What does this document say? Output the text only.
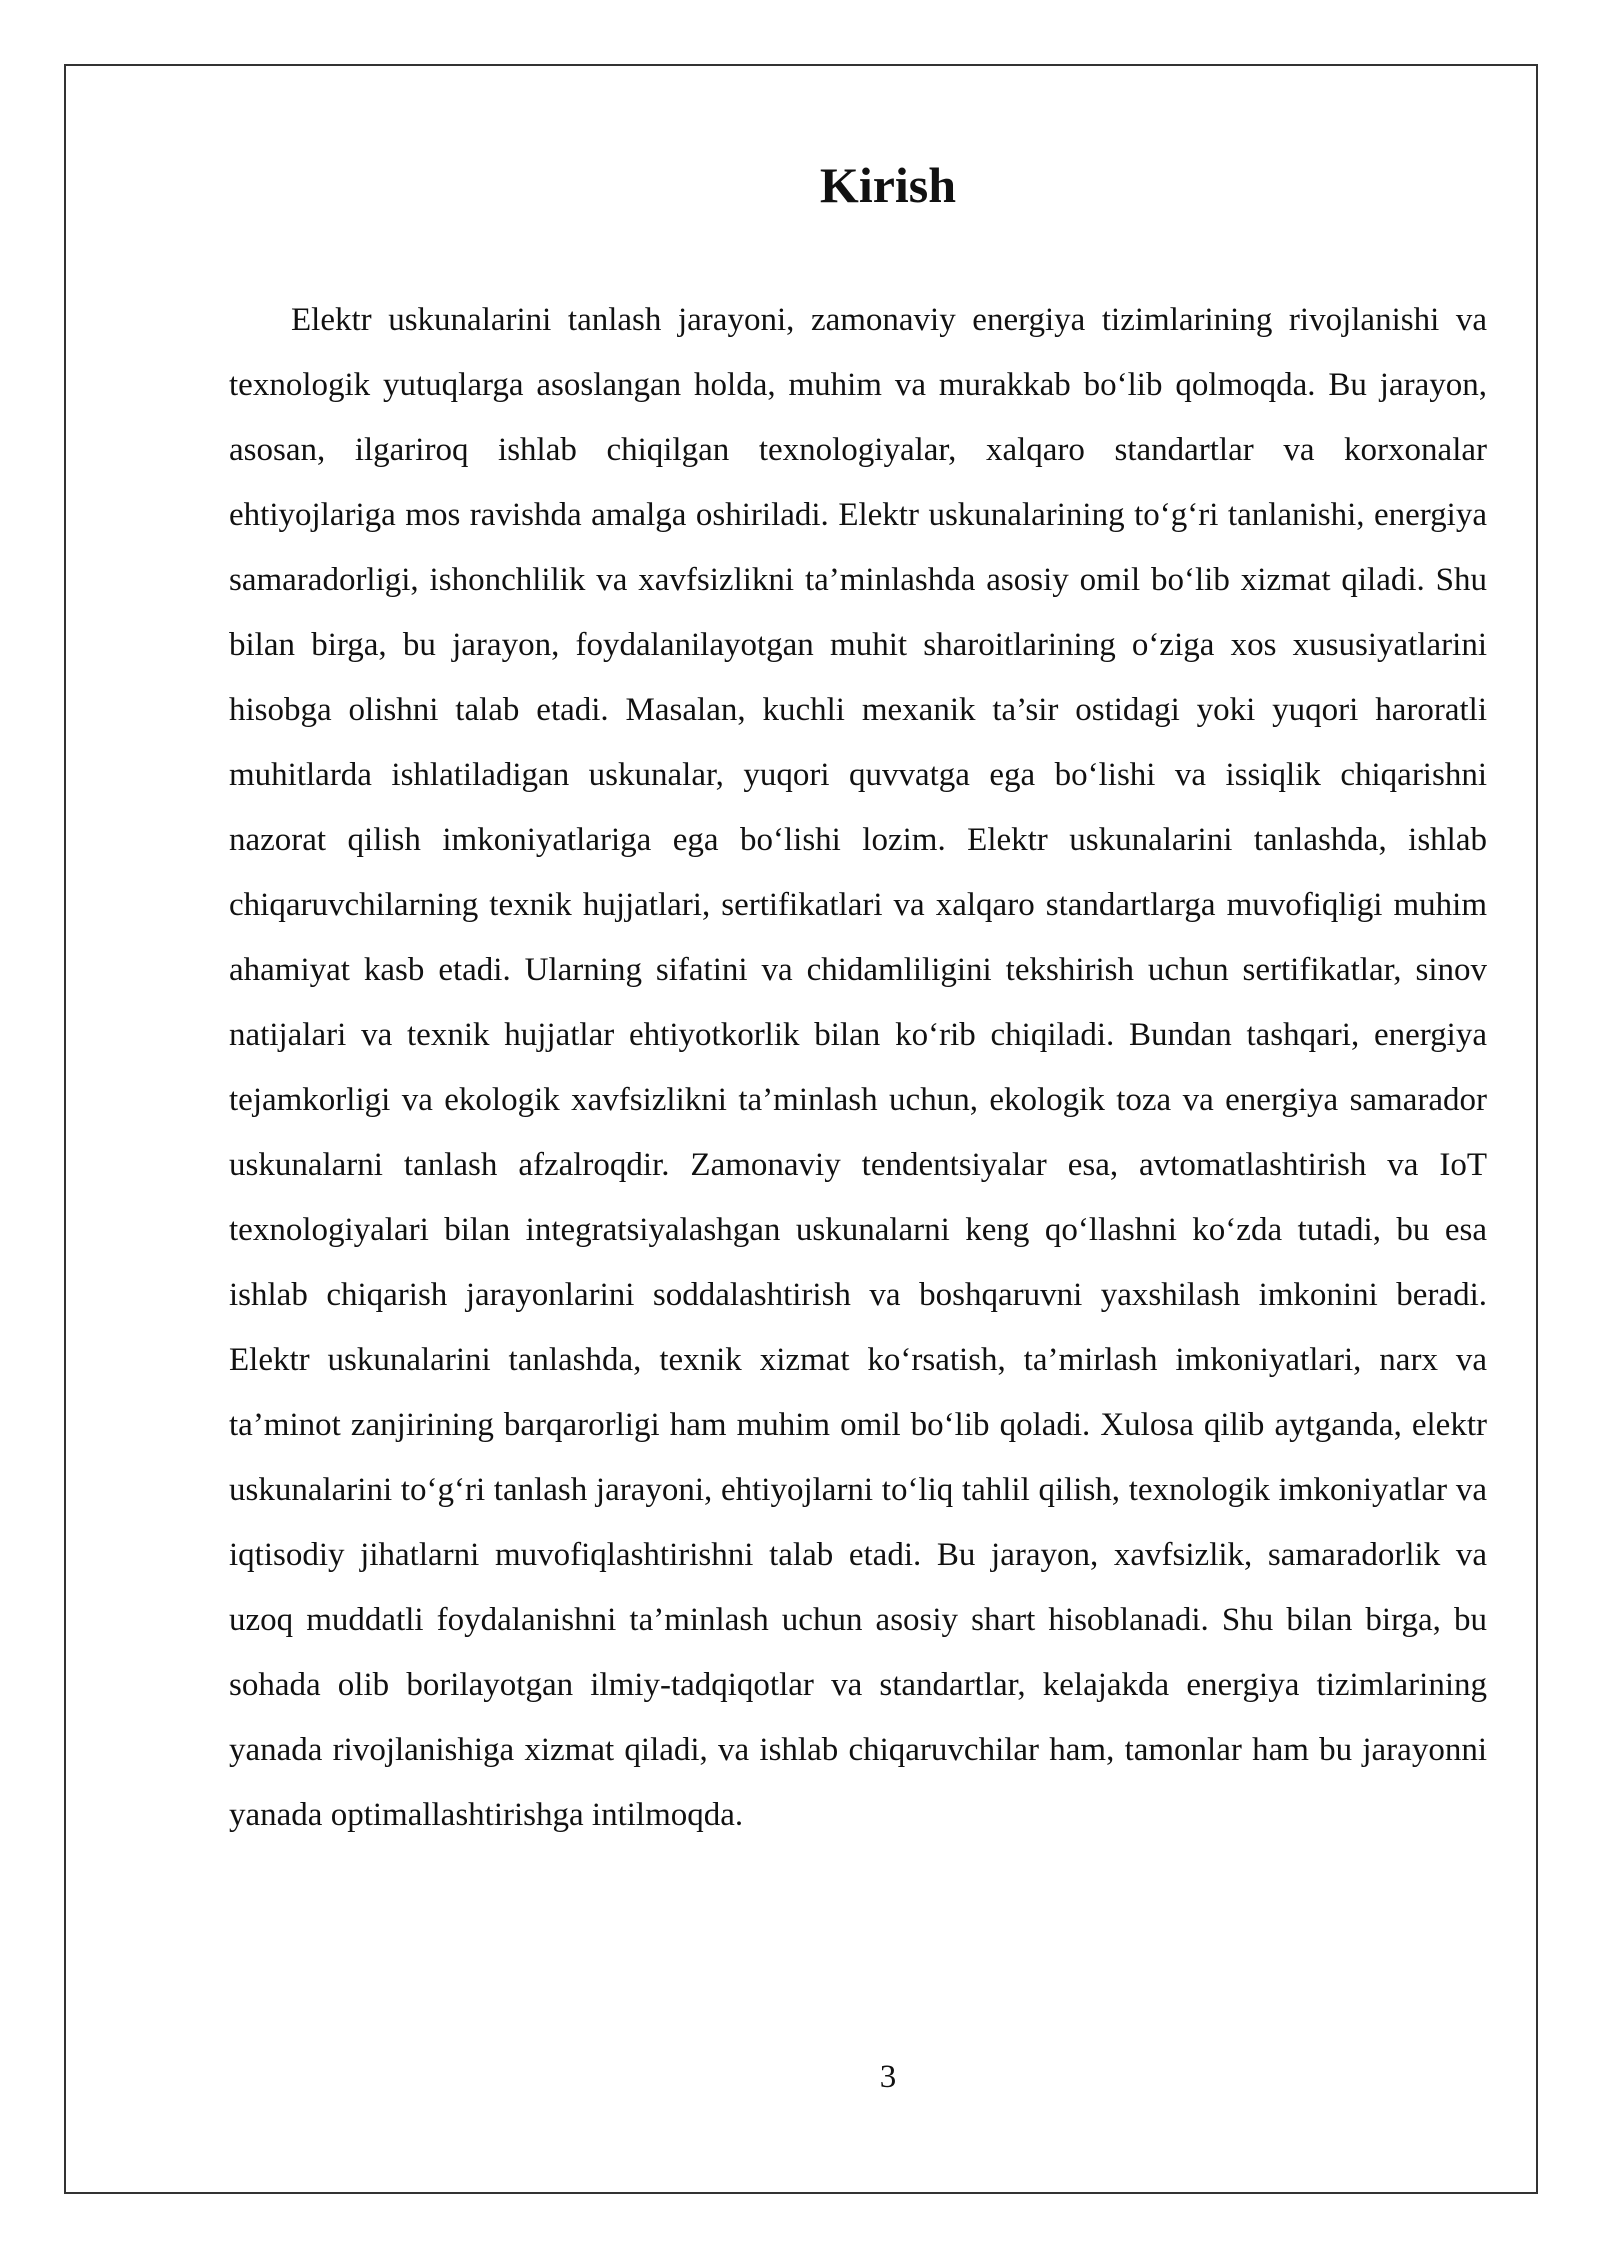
Kirish

Elektr uskunalarini tanlash jarayoni, zamonaviy energiya tizimlarining rivojlanishi va texnologik yutuqlarga asoslangan holda, muhim va murakkab bo‘lib qolmoqda. Bu jarayon, asosan, ilgariroq ishlab chiqilgan texnologiyalar, xalqaro standartlar va korxonalar ehtiyojlariga mos ravishda amalga oshiriladi. Elektr uskunalarining to‘g‘ri tanlanishi, energiya samaradorligi, ishonchlilik va xavfsizlikni ta’minlashda asosiy omil bo‘lib xizmat qiladi. Shu bilan birga, bu jarayon, foydalanilayotgan muhit sharoitlarining o‘ziga xos xususiyatlarini hisobga olishni talab etadi. Masalan, kuchli mexanik ta’sir ostidagi yoki yuqori haroratli muhitlarda ishlatiladigan uskunalar, yuqori quvvatga ega bo‘lishi va issiqlik chiqarishni nazorat qilish imkoniyatlariga ega bo‘lishi lozim. Elektr uskunalarini tanlashda, ishlab chiqaruvchilarning texnik hujjatlari, sertifikatlari va xalqaro standartlarga muvofiqligi muhim ahamiyat kasb etadi. Ularning sifatini va chidamliligini tekshirish uchun sertifikatlar, sinov natijalari va texnik hujjatlar ehtiyotkorlik bilan ko‘rib chiqiladi. Bundan tashqari, energiya tejamkorligi va ekologik xavfsizlikni ta’minlash uchun, ekologik toza va energiya samarador uskunalarni tanlash afzalroqdir. Zamonaviy tendentsiyalar esa, avtomatlashtirish va IoT texnologiyalari bilan integratsiyalashgan uskunalarni keng qo‘llashni ko‘zda tutadi, bu esa ishlab chiqarish jarayonlarini soddalashtirish va boshqaruvni yaxshilash imkonini beradi. Elektr uskunalarini tanlashda, texnik xizmat ko‘rsatish, ta’mirlash imkoniyatlari, narx va ta’minot zanjirining barqarorligi ham muhim omil bo‘lib qoladi. Xulosa qilib aytganda, elektr uskunalarini to‘g‘ri tanlash jarayoni, ehtiyojlarni to‘liq tahlil qilish, texnologik imkoniyatlar va iqtisodiy jihatlarni muvofiqlashtirishni talab etadi. Bu jarayon, xavfsizlik, samaradorlik va uzoq muddatli foydalanishni ta’minlash uchun asosiy shart hisoblanadi. Shu bilan birga, bu sohada olib borilayotgan ilmiy-tadqiqotlar va standartlar, kelajakda energiya tizimlarining yanada rivojlanishiga xizmat qiladi, va ishlab chiqaruvchilar ham, tamonlar ham bu jarayonni yanada optimallashtirishga intilmoqda.

3
